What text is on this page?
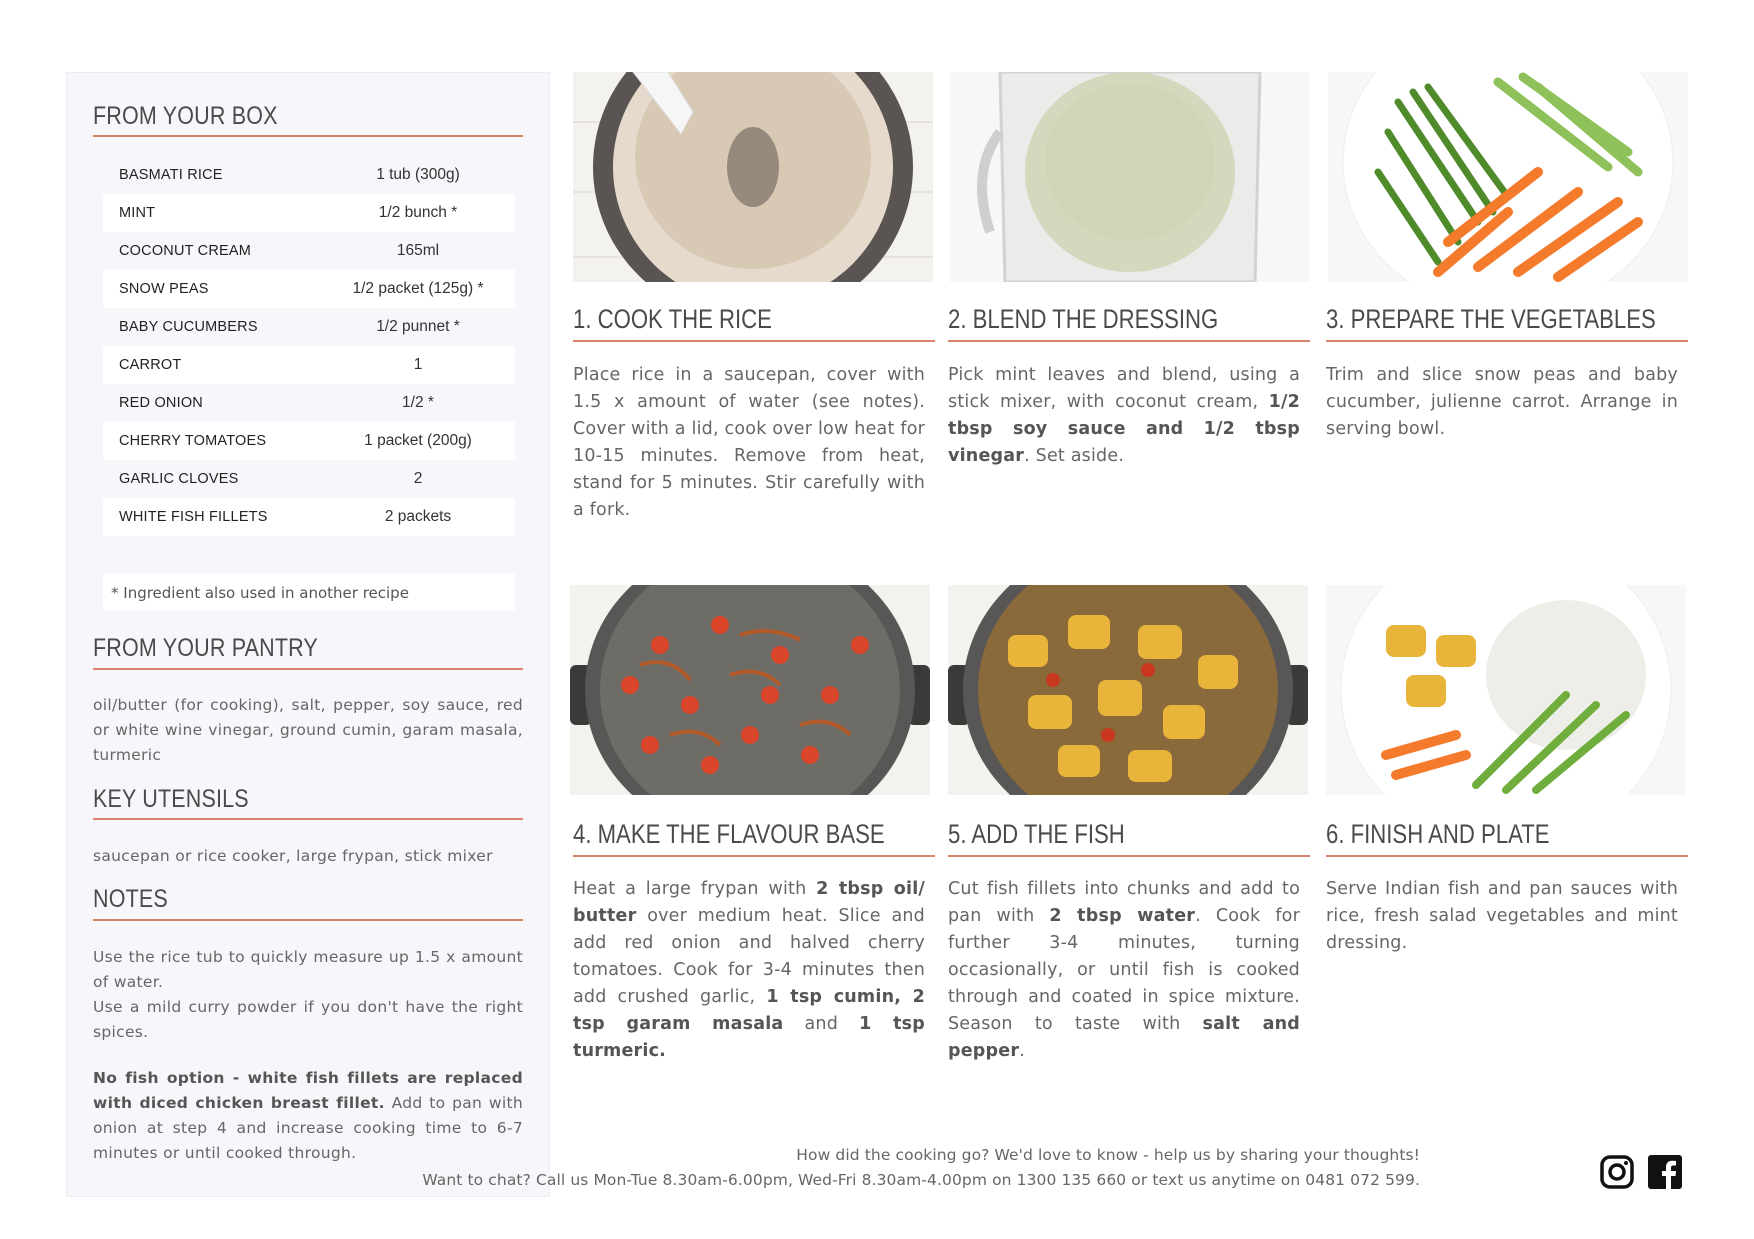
FROM YOUR BOX
BASMATI RICE	1 tub (300g)
MINT	1/2 bunch *
COCONUT CREAM	165ml
SNOW PEAS	1/2 packet (125g) *
BABY CUCUMBERS	1/2 punnet *
CARROT	1
RED ONION	1/2 *
CHERRY TOMATOES	1 packet (200g)
GARLIC CLOVES	2
WHITE FISH FILLETS	2 packets
* Ingredient also used in another recipe
FROM YOUR PANTRY
oil/butter (for cooking), salt, pepper, soy sauce, red or white wine vinegar, ground cumin, garam masala, turmeric
KEY UTENSILS
saucepan or rice cooker, large frypan, stick mixer
NOTES
Use the rice tub to quickly measure up 1.5 x amount of water.
Use a mild curry powder if you don't have the right spices.
No fish option - white fish fillets are replaced with diced chicken breast fillet. Add to pan with onion at step 4 and increase cooking time to 6-7 minutes or until cooked through.
1. COOK THE RICE
Place rice in a saucepan, cover with 1.5 x amount of water (see notes). Cover with a lid, cook over low heat for 10-15 minutes. Remove from heat, stand for 5 minutes. Stir carefully with a fork.
2. BLEND THE DRESSING
Pick mint leaves and blend, using a stick mixer, with coconut cream, 1/2 tbsp soy sauce and 1/2 tbsp vinegar. Set aside.
3. PREPARE THE VEGETABLES
Trim and slice snow peas and baby cucumber, julienne carrot. Arrange in serving bowl.
4. MAKE THE FLAVOUR BASE
Heat a large frypan with 2 tbsp oil/ butter over medium heat. Slice and add red onion and halved cherry tomatoes. Cook for 3-4 minutes then add crushed garlic, 1 tsp cumin, 2 tsp garam masala and 1 tsp turmeric.
5. ADD THE FISH
Cut fish fillets into chunks and add to pan with 2 tbsp water. Cook for further 3-4 minutes, turning occasionally, or until fish is cooked through and coated in spice mixture. Season to taste with salt and pepper.
6. FINISH AND PLATE
Serve Indian fish and pan sauces with rice, fresh salad vegetables and mint dressing.
How did the cooking go? We'd love to know - help us by sharing your thoughts!
Want to chat? Call us Mon-Tue 8.30am-6.00pm, Wed-Fri 8.30am-4.00pm on 1300 135 660 or text us anytime on 0481 072 599.
